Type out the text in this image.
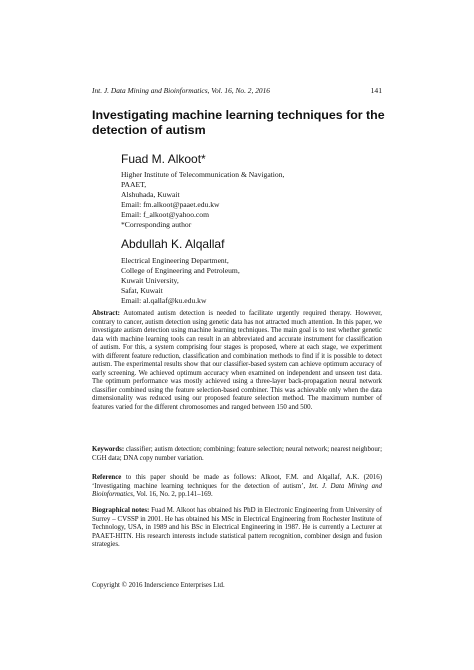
Int. J. Data Mining and Bioinformatics, Vol. 16, No. 2, 2016	141
Investigating machine learning techniques for the detection of autism
Fuad M. Alkoot*
Higher Institute of Telecommunication & Navigation,
PAAET,
Alshuhada, Kuwait
Email: fm.alkoot@paaet.edu.kw
Email: f_alkoot@yahoo.com
*Corresponding author
Abdullah K. Alqallaf
Electrical Engineering Department,
College of Engineering and Petroleum,
Kuwait University,
Safat, Kuwait
Email: al.qallaf@ku.edu.kw
Abstract: Automated autism detection is needed to facilitate urgently required therapy. However, contrary to cancer, autism detection using genetic data has not attracted much attention. In this paper, we investigate autism detection using machine learning techniques. The main goal is to test whether genetic data with machine learning tools can result in an abbreviated and accurate instrument for classification of autism. For this, a system comprising four stages is proposed, where at each stage, we experiment with different feature reduction, classification and combination methods to find if it is possible to detect autism. The experimental results show that our classifier-based system can achieve optimum accuracy of early screening. We achieved optimum accuracy when examined on independent and unseen test data. The optimum performance was mostly achieved using a three-layer back-propagation neural network classifier combined using the feature selection-based combiner. This was achievable only when the data dimensionality was reduced using our proposed feature selection method. The maximum number of features varied for the different chromosomes and ranged between 150 and 500.
Keywords: classifier; autism detection; combining; feature selection; neural network; nearest neighbour; CGH data; DNA copy number variation.
Reference to this paper should be made as follows: Alkoot, F.M. and Alqallaf, A.K. (2016) ‘Investigating machine learning techniques for the detection of autism’, Int. J. Data Mining and Bioinformatics, Vol. 16, No. 2, pp.141–169.
Biographical notes: Fuad M. Alkoot has obtained his PhD in Electronic Engineering from University of Surrey – CVSSP in 2001. He has obtained his MSc in Electrical Engineering from Rochester Institute of Technology, USA, in 1989 and his BSc in Electrical Engineering in 1987. He is currently a Lecturer at PAAET-HITN. His research interests include statistical pattern recognition, combiner design and fusion strategies.
Copyright © 2016 Inderscience Enterprises Ltd.
